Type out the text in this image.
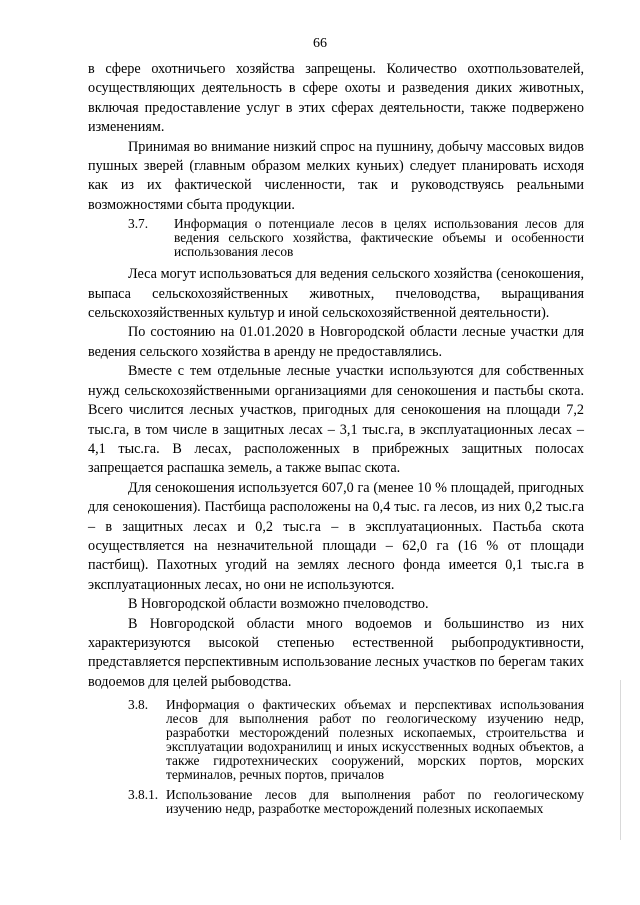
66

в сфере охотничьего хозяйства запрещены. Количество охотпользователей, осуществляющих деятельность в сфере охоты и разведения диких животных, включая предоставление услуг в этих сферах деятельности, также подвержено изменениям.

Принимая во внимание низкий спрос на пушнину, добычу массовых видов пушных зверей (главным образом мелких куньих) следует планировать исходя как из их фактической численности, так и руководствуясь реальными возможностями сбыта продукции.

3.7.	Информация о потенциале лесов в целях использования лесов для ведения сельского хозяйства, фактические объемы и особенности использования лесов

Леса могут использоваться для ведения сельского хозяйства (сенокошения, выпаса сельскохозяйственных животных, пчеловодства, выращивания сельскохозяйственных культур и иной сельскохозяйственной деятельности).

По состоянию на 01.01.2020 в Новгородской области лесные участки для ведения сельского хозяйства в аренду не предоставлялись.

Вместе с тем отдельные лесные участки используются для собственных нужд сельскохозяйственными организациями для сенокошения и пастьбы скота. Всего числится лесных участков, пригодных для сенокошения на площади 7,2 тыс.га, в том числе в защитных лесах – 3,1 тыс.га, в эксплуатационных лесах – 4,1 тыс.га. В лесах, расположенных в прибрежных защитных полосах запрещается распашка земель, а также выпас скота.

Для сенокошения используется 607,0 га (менее 10 % площадей, пригодных для сенокошения). Пастбища расположены на 0,4 тыс. га лесов, из них 0,2 тыс.га – в защитных лесах и 0,2 тыс.га – в эксплуатационных. Пастьба скота осуществляется на незначительной площади – 62,0 га (16 % от площади пастбищ). Пахотных угодий на землях лесного фонда имеется 0,1 тыс.га в эксплуатационных лесах, но они не используются.

В Новгородской области возможно пчеловодство.

В Новгородской области много водоемов и большинство из них характеризуются высокой степенью естественной рыбопродуктивности, представляется перспективным использование лесных участков по берегам таких водоемов для целей рыбоводства.

3.8.	Информация о фактических объемах и перспективах использования лесов для выполнения работ по геологическому изучению недр, разработки месторождений полезных ископаемых, строительства и эксплуатации водохранилищ и иных искусственных водных объектов, а также гидротехнических сооружений, морских портов, морских терминалов, речных портов, причалов
3.8.1. Использование лесов для выполнения работ по геологическому изучению недр, разработке месторождений полезных ископаемых
